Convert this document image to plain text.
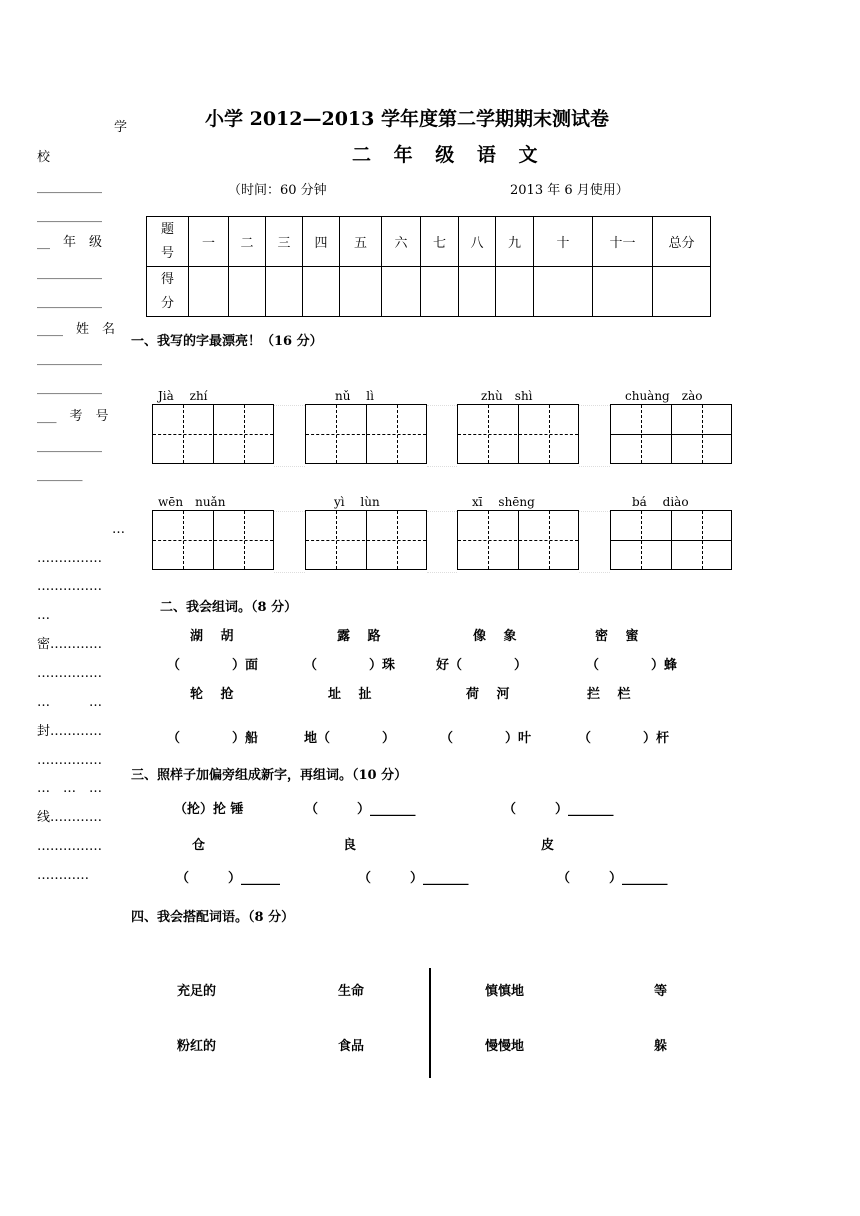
学
校
__________
__________
__　年　级
__________
__________
____　姓　名
__________
__________
___　考　号
__________
_______
…
……………
……………
…
密…………
……………
…　　　…
封…………
……………
…　…　…
线…………
……………
…………
小学 2012—2013 学年度第二学期期末测试卷
二 年 级 语 文
（时间：60 分钟	2013 年 6 月使用）
题号	一	二	三	四	五	六	七	八	九	十	十一	总分
得分												
一、我写的字最漂亮！（16 分）
Jià　 zhí	nǔ　 lì	zhù　shì	chuàng　zào
wēn　nuǎn	yì　 lùn	xī　 shēng	bá　 diào
二、我会组词。（8 分）
湖　 胡	露　 路	像　 象	密　 蜜
（　　　　）面	（　　　　）珠	好（　　　　）	（　　　　）蜂
轮　 抢	址　 扯	荷　 河	拦　 栏
（　　　　）船	地（　　　　）	（　　　　）叶	（　　　　）杆
三、照样子加偏旁组成新字，再组词。（10 分）
（抡）抡 锤	（　　　）_______	（　　　）_______
仓	良	皮
（　　　）______	（　　　）_______	（　　　）_______
四、我会搭配词语。（8 分）
充足的	生命	慎慎地	等
粉红的	食品	慢慢地	躲
